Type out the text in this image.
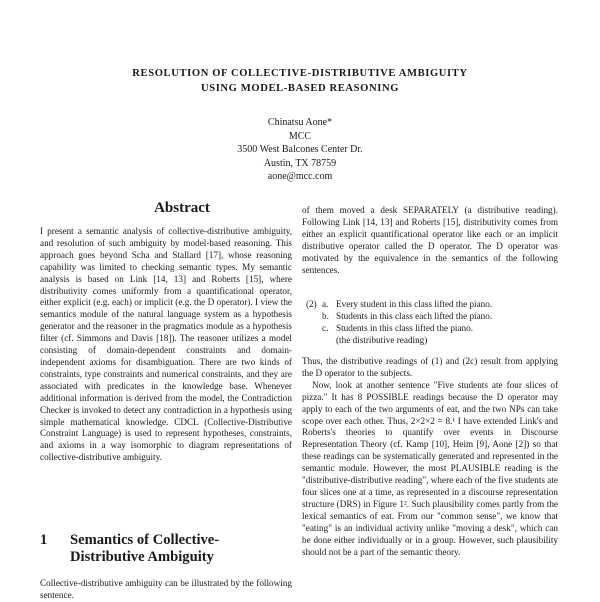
RESOLUTION OF COLLECTIVE-DISTRIBUTIVE AMBIGUITY
USING MODEL-BASED REASONING
Chinatsu Aone*
MCC
3500 West Balcones Center Dr.
Austin, TX 78759
aone@mcc.com
Abstract

I present a semantic analysis of collective-distributive ambiguity, and resolution of such ambiguity by model-based reasoning. This approach goes beyond Scha and Stallard [17], whose reasoning capability was limited to checking semantic types. My semantic analysis is based on Link [14, 13] and Roberts [15], where distributivity comes uniformly from a quantificational operator, either explicit (e.g. each) or implicit (e.g. the D operator). I view the semantics module of the natural language system as a hypothesis generator and the reasoner in the pragmatics module as a hypothesis filter (cf. Simmons and Davis [18]). The reasoner utilizes a model consisting of domain-dependent constraints and domain-independent axioms for disambiguation. There are two kinds of constraints, type constraints and numerical constraints, and they are associated with predicates in the knowledge base. Whenever additional information is derived from the model, the Contradiction Checker is invoked to detect any contradiction in a hypothesis using simple mathematical knowledge. CDCL (Collective-Distributive Constraint Language) is used to represent hypotheses, constraints, and axioms in a way isomorphic to diagram representations of collective-distributive ambiguity.

1 Semantics of Collective-
Distributive Ambiguity

Collective-distributive ambiguity can be illustrated by the following sentence.

of them moved a desk SEPARATELY (a distributive reading). Following Link [14, 13] and Roberts [15], distributivity comes from either an explicit quantificational operator like each or an implicit distributive operator called the D operator. The D operator was motivated by the equivalence in the semantics of the following sentences.

(2) a. Every student in this class lifted the piano.
b. Students in this class each lifted the piano.
c. Students in this class lifted the piano.
(the distributive reading)

Thus, the distributive readings of (1) and (2c) result from applying the D operator to the subjects.

Now, look at another sentence "Five students ate four slices of pizza." It has 8 POSSIBLE readings because the D operator may apply to each of the two arguments of eat, and the two NPs can take scope over each other. Thus, 2×2×2 = 8.¹ I have extended Link's and Roberts's theories to quantify over events in Discourse Representation Theory (cf. Kamp [10], Heim [9], Aone [2]) so that these readings can be systematically generated and represented in the semantic module. However, the most PLAUSIBLE reading is the "distributive-distributive reading", where each of the five students ate four slices one at a time, as represented in a discourse representation structure (DRS) in Figure 1². Such plausibility comes partly from the lexical semantics of eat. From our "common sense", we know that "eating" is an individual activity unlike "moving a desk", which can be done either individually or in a group. However, such plausibility should not be a part of the semantic theory.
